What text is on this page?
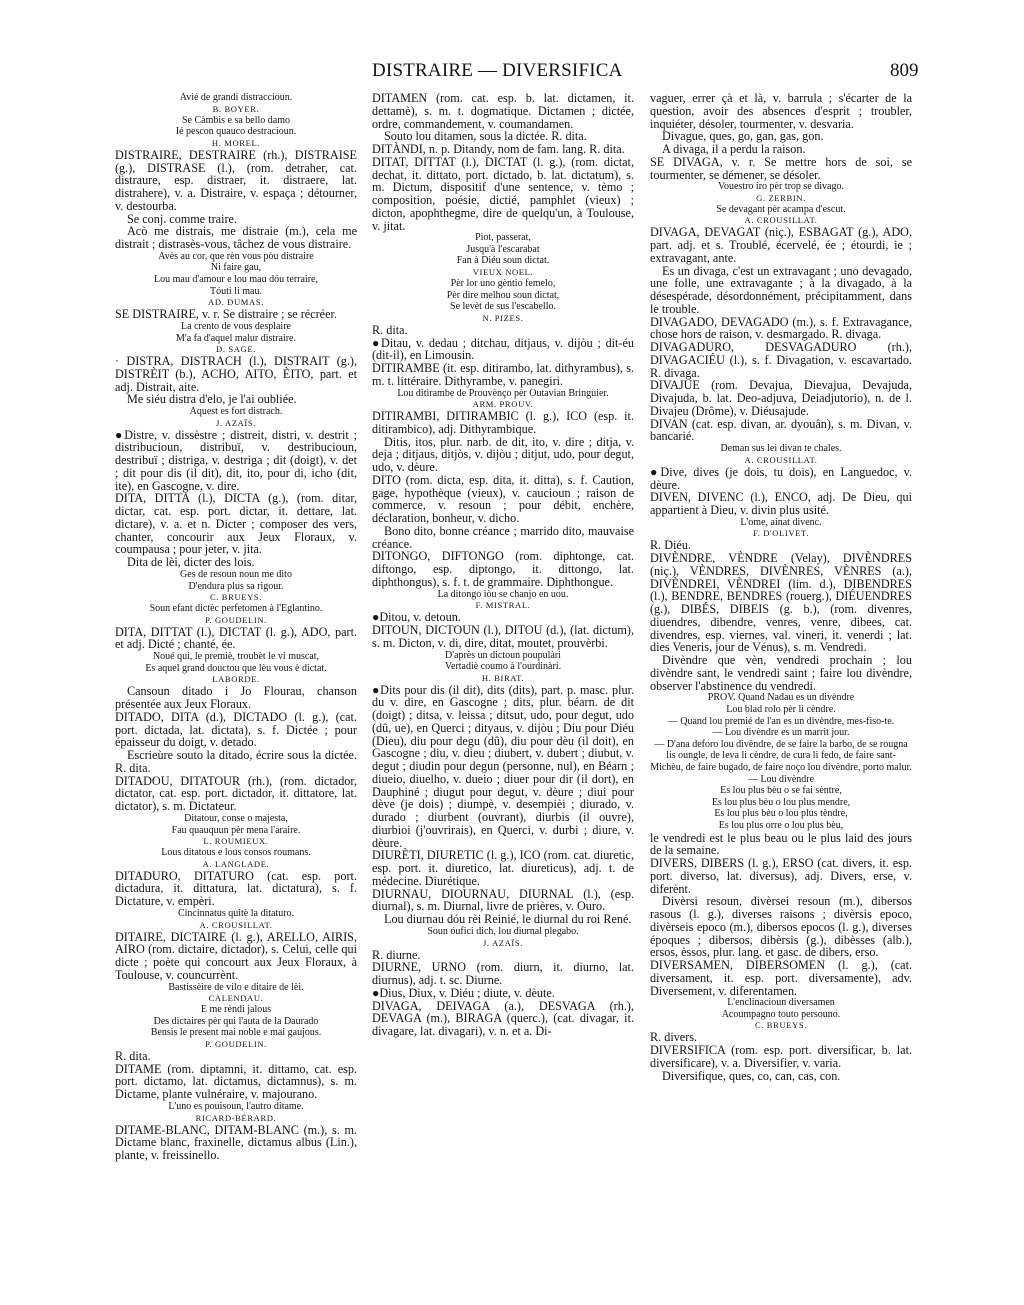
DISTRAIRE — DIVERSIFICA	809
Avié de grandi distraccioun.
B. BOYER.
Se Càmbis e sa bello damo
Ié pescon quauco destracioun.
H. MOREL.
DISTRAIRE, DESTRAIRE (rh.), DISTRAISE (g.), DISTRASE (l.), (rom. detraher, cat. distraure, esp. distraer, it. distraere, lat. distrahere), v. a. Distraire, v. espaça ; détourner, v. destourba.
Se conj. comme traire.
Acò me distrais, me distraie (m.), cela me distrait ; distrasès-vous, tâchez de vous distraire.
Avès au cor, que rèn vous pòu distraire
Ni faire gau,
Lou mau d'amour e lou mau dóu terraire,
Tóuti li mau.
AD. DUMAS.
SE DISTRAIRE, v. r. Se distraire ; se récréer.
La crento de vous desplaire
M'a fa d'aquel malur distraire.
D. SAGE.
· DISTRA, DISTRACH (l.), DISTRAIT (g.), DISTRÈIT (b.), ACHO, AITO, ÈITO, part. et adj. Distrait, aite.
Me siéu distra d'elo, je l'ai oubliée.
Aquest es fort distrach.
J. AZAÏS.
●Distre, v. dissèstre ; distreit, distri, v. destrit ; distribucioun, distribuï, v. destribucioun, destribuï ; distriga, v. destriga ; dit (doigt), v. det ; dit pour dis (il dit), dit, ito, pour di, icho (dit, ite), en Gascogne, v. dire.
DITA, DITTA (l.), DICTA (g.), (rom. ditar, dictar, cat. esp. port. dictar, it. dettare, lat. dictare), v. a. et n. Dicter ; composer des vers, chanter, concourir aux Jeux Floraux, v. coumpausa ; pour jeter, v. jita.
Dita de lèi, dicter des lois.
Ges de resoun noun me dito
D'endura plus sa rigour.
C. BRUEYS.
Soun efant dictèc perfetomen à l'Eglantino.
P. GOUDELIN.
DITA, DITTAT (l.), DICTAT (l. g.), ADO, part. et adj. Dicté ; chanté, ée.
Noué qui, le premiè, troubèt le vi muscat,
Es aquel grand douctou que lèu vous è dictat.
LABORDE.
Cansoun ditado i Jo Flourau, chanson présentée aux Jeux Floraux.
DITADO, DITA (d.), DICTADO (l. g.), (cat. port. dictada, lat. dictata), s. f. Dictée ; pour épaisseur du doigt, v. detado.
Escrieùre souto la ditado, écrire sous la dictée. R. dita.
DITADOU, DITATOUR (rh.), (rom. dictador, dictator, cat. esp. port. dictador, it. dittatore, lat. dictator), s. m. Dictateur.
Ditatour, conse o majesta,
Fau quauquun pèr mena l'araire.
L. ROUMIEUX.
Lous ditatous e lous consos roumans.
A. LANGLADE.
DITADURO, DITATURO (cat. esp. port. dictadura, it. dittatura, lat. dictatura), s. f. Dictature, v. empèri.
Cincinnatus quitè la ditaturo.
A. CROUSILLAT.
DITAIRE, DICTAIRE (l. g.), ARELLO, AIRIS, AIRO (rom. dictaire, dictador), s. Celui, celle qui dicte ; poète qui concourt aux Jeux Floraux, à Toulouse, v. councurrènt.
Bastissèire de vilo e ditaire de lèi.
CALENDAU.
E me rèndi jalous
Des dictaires pèr qui l'auta de la Daurado
Bensis le present mai noble e mai gaujous.
P. GOUDELIN.
R. dita.
DITAME (rom. diptamni, it. dittamo, cat. esp. port. dictamo, lat. dictamus, dictamnus), s. m. Dictame, plante vulnéraire, v. majourano.
L'uno es pouisoun, l'autro ditame.
RICARD-BÉRARD.
DITAME-BLANC, DITAM-BLANC (m.), s. m. Dictame blanc, fraxinelle, dictamus albus (Lin.), plante, v. freissinello.
DITAMEN (rom. cat. esp. b. lat. dictamen, it. dettamè), s. m. t. dogmatique. Dictamen ; dictée, ordre, commandement, v. coumandamen.
Souto lou ditamen, sous la dictée. R. dita.
DITÀNDI, n. p. Ditandy, nom de fam. lang. R. dita.
DITAT, DITTAT (l.), DICTAT (l. g.), (rom. dictat, dechat, it. dittato, port. dictado, b. lat. dictatum), s. m. Dictum, dispositif d'une sentence, v. tèmo ; composition, poésie, dictié, pamphlet (vieux) ; dicton, apophthegme, dire de quelqu'un, à Toulouse, v. jitat.
Piot, passerat,
Jusqu'à l'escarabat
Fan à Diéu soun dictat.
VIEUX NOEL.
Pèr lor uno gèntio femelo,
Pèr dire melhou soun dictat,
Se levèt de sus l'escabello.
N. PIZES.
R. dita.
●Ditau, v. dedau ; ditchau, ditjaus, v. dijòu ; dit-éu (dit-il), en Limousin.
DITIRAMBE (it. esp. ditirambo, lat. dithyrambus), s. m. t. littéraire. Dithyrambe, v. panegiri.
Lou ditirambe de Prouvènço pèr Outavian Bringuier.
ARM. PROUV.
DITIRAMBI, DITIRAMBIC (l. g.), ICO (esp. it. ditirambico), adj. Dithyrambique.
Ditis, itos, plur. narb. de dit, ito, v. dire ; ditja, v. deja ; ditjaus, ditjòs, v. dijòu ; ditjut, udo, pour degut, udo, v. dèure.
DITO (rom. dicta, esp. dita, it. ditta), s. f. Caution, gage, hypothèque (vieux), v. caucioun ; raison de commerce, v. resoun ; pour débit, enchère, déclaration, bonheur, v. dicho.
Bono dito, bonne créance ; marrido dito, mauvaise créance.
DITONGO, DIFTONGO (rom. diphtonge, cat. diftongo, esp. diptongo, it. dittongo, lat. diphthongus), s. f. t. de grammaire. Diphthongue.
La ditongo iòu se chanjo en uou.
F. MISTRAL.
●Ditou, v. detoun.
DITOUN, DICTOUN (l.), DITOU (d.), (lat. dictum), s. m. Dicton, v. di, dire, ditat, moutet, prouvèrbi.
D'après un dictoun poupulàri
Vertadiè coumo à l'ourdinàri.
H. BIRAT.
●Dits pour dis (il dit), dits (dits), part. p. masc. plur. du v. dire, en Gascogne ; dits, plur. béarn. de dit (doigt) ; ditsa, v. leissa ; ditsut, udo, pour degut, udo (dû, ue), en Querci ; dityaus, v. dijòu ; Diu pour Diéu (Dieu), diu pour degu (dû), diu pour dèu (il doit), en Gascogne ; diu, v. dieu ; diubert, v. dubert ; diubut, v. degut ; diudin pour degun (personne, nul), en Béarn ; diueio, diuelho, v. dueio ; diuer pour dir (il dort), en Dauphiné ; diugut pour degut, v. dèure ; diui pour dève (je dois) ; diumpè, v. desempièi ; diurado, v. durado ; diurbent (ouvrant), diurbis (il ouvre), diurbioi (j'ouvrirais), en Querci, v. durbi ; diure, v. dèure.
DIURÈTI, DIURETIC (l. g.), ICO (rom. cat. diuretic, esp. port. it. diuretico, lat. diureticus), adj. t. de médecine. Diurétique.
DIURNAU, DIOURNAU, DIURNAL (l.), (esp. diurnal), s. m. Diurnal, livre de prières, v. Ouro.
Lou diurnau dóu rèi Reinié, le diurnal du roi René.
Soun óufici dich, lou diurnal plegabo.
J. AZAÏS.
R. diurne.
DIURNE, URNO (rom. diurn, it. diurno, lat. diurnus), adj. t. sc. Diurne.
●Dius, Diux, v. Diéu ; diute, v. dèute.
DIVAGA, DEIVAGA (a.), DESVAGA (rh.), DEVAGA (m.), BIRAGA (querc.), (cat. divagar, it. divagare, lat. divagari), v. n. et a. Di-
vaguer, errer çà et là, v. barrula ; s'écarter de la question, avoir des absences d'esprit ; troubler, inquiéter, désoler, tourmenter, v. desvaria.
Divague, ques, go, gan, gas, gon.
A divaga, il a perdu la raison.
SE DIVAGA, v. r. Se mettre hors de soi, se tourmenter, se démener, se désoler.
Vouestro iro pèr trop se divago.
G. ZERBIN.
Se devagant pèr acampa d'escut.
A. CROUSILLAT.
DIVAGA, DEVAGAT (niç.), ESBAGAT (g.), ADO, part. adj. et s. Troublé, écervelé, ée ; étourdi, ie ; extravagant, ante.
Es un divaga, c'est un extravagant ; uno devagado, une folle, une extravagante ; à la divagado, à la désespérade, désordonnément, précipitamment, dans le trouble.
DIVAGADO, DEVAGADO (m.), s. f. Extravagance, chose hors de raison, v. desmargado. R. divaga.
DIVAGADURO, DESVAGADURO (rh.), DIVAGACIÉU (l.), s. f. Divagation, v. escavartado. R. divaga.
DIVAJUE (rom. Devajua, Dievajua, Devajuda, Divajuda, b. lat. Deo-adjuva, Deiadjutorio), n. de l. Divajeu (Drôme), v. Diéusajude.
DIVAN (cat. esp. divan, ar. dyouân), s. m. Divan, v. bancarié.
Deman sus lei divan te chales.
A. CROUSILLAT.
●Dive, dives (je dois, tu dois), en Languedoc, v. dèure.
DIVEN, DIVENC (l.), ENCO, adj. De Dieu, qui appartient à Dieu, v. divin plus usité.
L'ome, ainat divenc.
F. D'OLIVET.
R. Diéu.
DIVÈNDRE, VÈNDRE (Velay), DIVÈNDRES (niç.), VÈNDRES, DIVÈNRES, VÈNRES (a.), DIVÈNDREI, VÈNDREI (lim. d.), DIBENDRES (l.), BENDRE, BENDRES (rouerg.), DIÉUENDRES (g.), DIBÉS, DIBEIS (g. b.), (rom. divenres, diuendres, dibendre, venres, venre, dibees, cat. divendres, esp. viernes, val. vineri, it. venerdi ; lat. dies Veneris, jour de Vénus), s. m. Vendredi.
Divèndre que vèn, vendredi prochain ; lou divèndre sant, le vendredi saint ; faire lou divèndre, observer l'abstinence du vendredi.
PROV. Quand Nadau es un divèndre
Lou blad rolo pèr li cèndre.
— Quand lou premié de l'an es un divèndre, mes-fiso-te.
— Lou divèndre es un marrit jour.
— D'ana deforo lou divèndre, de se faire la barbo, de se rougna lis oungle, de leva li cèndre, de cura li fedo, de faire sant-Michèu, de faire bugado, de faire noço lou divèndre, porto malur.
— Lou divèndre
Es lou plus bèu o se fai sèntre,
Es lou plus bèu o lou plus mendre,
Es lou plus bèu o lou plus tèndre,
Es lou plus orre o lou plus bèu,
le vendredi est le plus beau ou le plus laid des jours de la semaine.
DIVERS, DIBERS (l. g.), ERSO (cat. divers, it. esp. port. diverso, lat. diversus), adj. Divers, erse, v. diferènt.
Divèrsi resoun, divèrsei resoun (m.), dibersos rasous (l. g.), diverses raisons ; divèrsis epoco, divèrseis epoco (m.), dibersos epocos (l. g.), diverses époques ; dibersos, dibèrsis (g.), dibèsses (alb.), ersos, èssos, plur. lang. et gasc. de dibers, erso.
DIVERSAMEN, DIBERSOMEN (l. g.), (cat. diversament, it. esp. port. diversamente), adv. Diversement, v. diferentamen.
L'enclinacioun diversamen
Acoumpagno touto persouno.
C. BRUEYS.
R. divers.
DIVERSIFICA (rom. esp. port. diversificar, b. lat. diversificare), v. a. Diversifier, v. varia.
Diversifique, ques, co, can, cas, con.
